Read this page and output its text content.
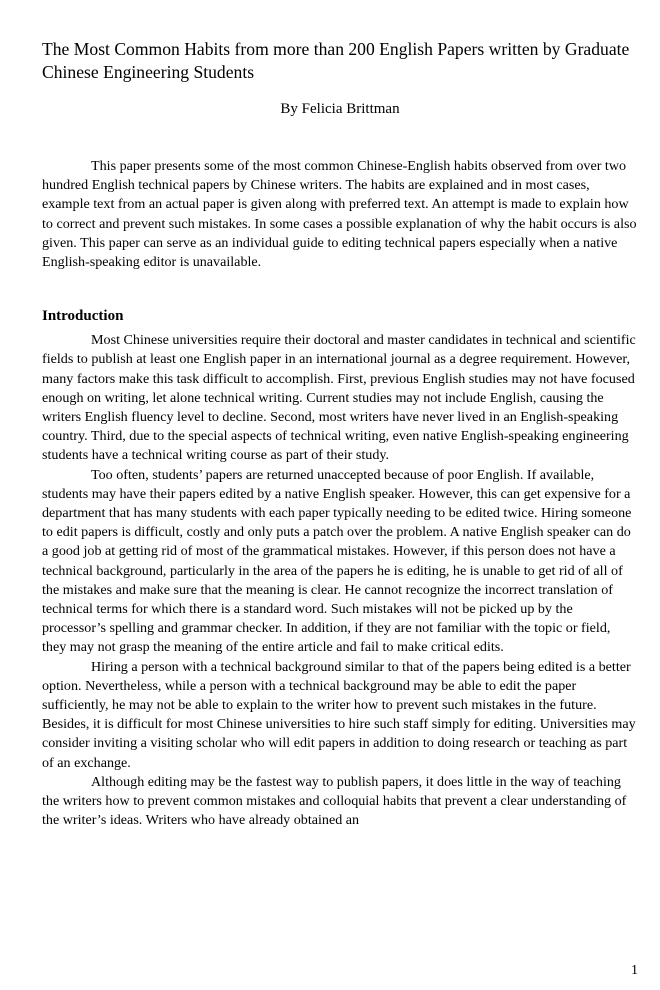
The Most Common Habits from more than 200 English Papers written by Graduate Chinese Engineering Students
By Felicia Brittman

This paper presents some of the most common Chinese-English habits observed from over two hundred English technical papers by Chinese writers. The habits are explained and in most cases, example text from an actual paper is given along with preferred text. An attempt is made to explain how to correct and prevent such mistakes. In some cases a possible explanation of why the habit occurs is also given. This paper can serve as an individual guide to editing technical papers especially when a native English-speaking editor is unavailable.

Introduction

Most Chinese universities require their doctoral and master candidates in technical and scientific fields to publish at least one English paper in an international journal as a degree requirement. However, many factors make this task difficult to accomplish. First, previous English studies may not have focused enough on writing, let alone technical writing. Current studies may not include English, causing the writers English fluency level to decline. Second, most writers have never lived in an English-speaking country. Third, due to the special aspects of technical writing, even native English-speaking engineering students have a technical writing course as part of their study.

Too often, students’ papers are returned unaccepted because of poor English. If available, students may have their papers edited by a native English speaker. However, this can get expensive for a department that has many students with each paper typically needing to be edited twice. Hiring someone to edit papers is difficult, costly and only puts a patch over the problem. A native English speaker can do a good job at getting rid of most of the grammatical mistakes. However, if this person does not have a technical background, particularly in the area of the papers he is editing, he is unable to get rid of all of the mistakes and make sure that the meaning is clear. He cannot recognize the incorrect translation of technical terms for which there is a standard word. Such mistakes will not be picked up by the processor’s spelling and grammar checker. In addition, if they are not familiar with the topic or field, they may not grasp the meaning of the entire article and fail to make critical edits.

Hiring a person with a technical background similar to that of the papers being edited is a better option. Nevertheless, while a person with a technical background may be able to edit the paper sufficiently, he may not be able to explain to the writer how to prevent such mistakes in the future. Besides, it is difficult for most Chinese universities to hire such staff simply for editing. Universities may consider inviting a visiting scholar who will edit papers in addition to doing research or teaching as part of an exchange.

Although editing may be the fastest way to publish papers, it does little in the way of teaching the writers how to prevent common mistakes and colloquial habits that prevent a clear understanding of the writer’s ideas. Writers who have already obtained an

1
